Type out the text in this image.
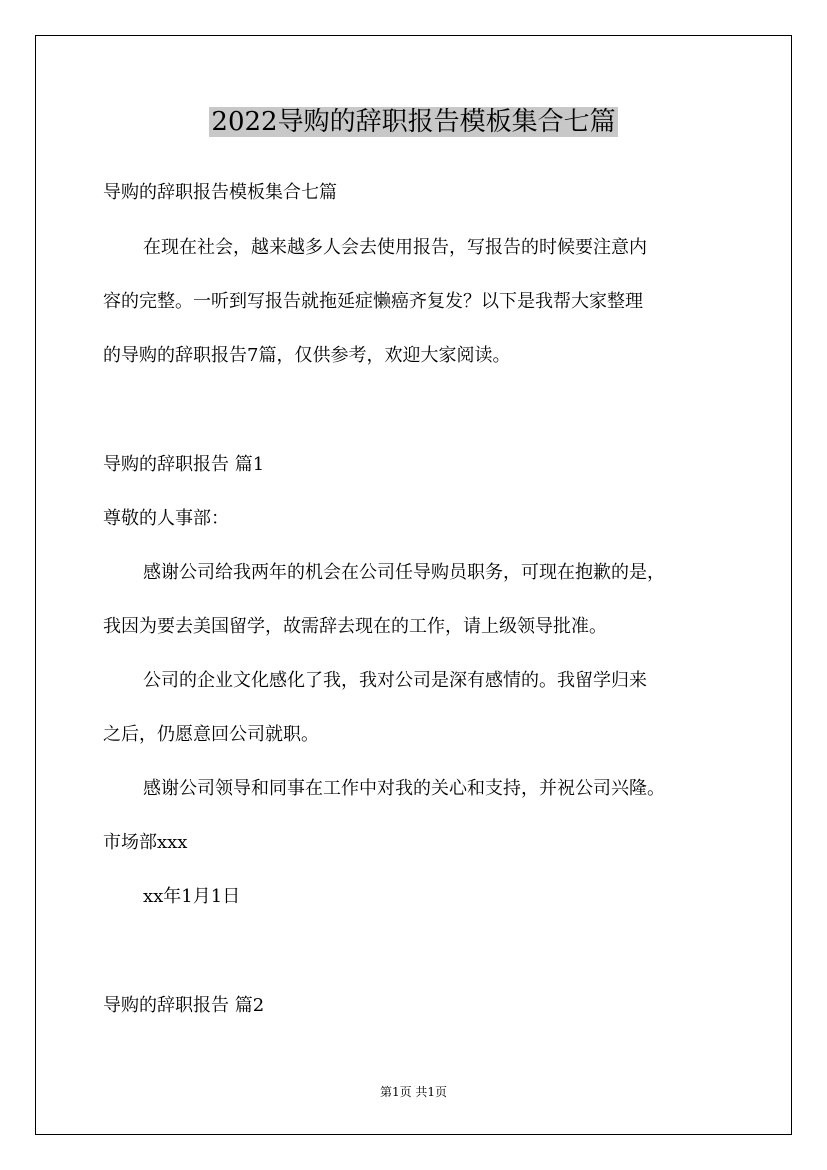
2022导购的辞职报告模板集合七篇
导购的辞职报告模板集合七篇
在现在社会，越来越多人会去使用报告，写报告的时候要注意内
容的完整。一听到写报告就拖延症懒癌齐复发？以下是我帮大家整理
的导购的辞职报告7篇，仅供参考，欢迎大家阅读。
导购的辞职报告 篇1
尊敬的人事部：
感谢公司给我两年的机会在公司任导购员职务，可现在抱歉的是，
我因为要去美国留学，故需辞去现在的工作，请上级领导批准。
公司的企业文化感化了我，我对公司是深有感情的。我留学归来
之后，仍愿意回公司就职。
感谢公司领导和同事在工作中对我的关心和支持，并祝公司兴隆。
市场部xxx
xx年1月1日
导购的辞职报告 篇2
第1页 共1页
